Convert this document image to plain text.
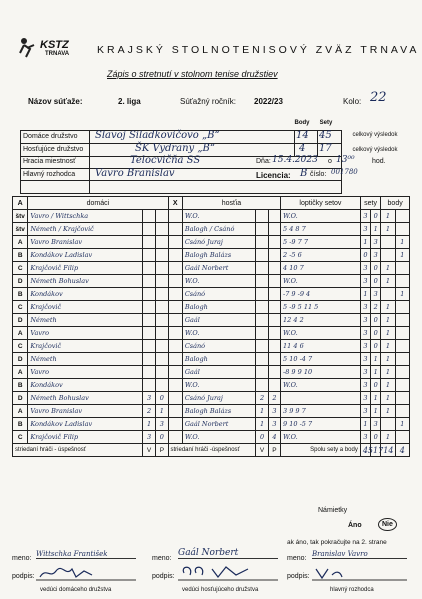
KSTZ
TRNAVA	KRAJSKÝ STOLNOTENISOVÝ ZVÄZ TRNAVA
Zápis o stretnutí v stolnom tenise družstiev
Názov súťaže:	2. liga	Súťažný ročník: 2022/23	Kolo: 22
Body	Sety
Domáce družstvo Slavoj Siladkovičovo „B“	14 45
Hosťujúce družstvo	ŠK Vydrany „B“	4 17
celkový výsledok
celkový výsledok
Hracia miestnosť	Telocvičňa SS	Dňa: 15.4.2023 o 13⁰⁰ hod.
Hlavný rozhodca Vavro Branislav	Licencia: B číslo: 001780
A	domáci			X	hosťia			loptičky setov	sety		body	
štv	Vavro / Wittschka				W.O.			W.O.	3	0	1	
štv	Németh / Krajčovič				Balogh / Csánó			5 4 8 7	3	1	1	
A	Vavro Branislav				Csánó Juraj			5 -9 7 7	1	3		1
B	Kondákov Ladislav				Balogh Balázs			2 -5 6	0	3		1
C	Krajčovič Filip				Gaál Norbert			4 10 7	3	0	1	
D	Németh Bohuslav				W.O.			W.O.	3	0	1	
B	Kondákov				Csánó			-7 9 -9 4	1	3		1
C	Krajčovič				Balogh			5 -9 5 11 5	3	2	1	
D	Németh				Gaál			12 4 2	3	0	1	
A	Vavro				W.O.			W.O.	3	0	1	
C	Krajčovič				Csánó			11 4 6	3	0	1	
D	Németh				Balogh			5 10 -4 7	3	1	1	
A	Vavro				Gaál			-8 9 9 10	3	1	1	
B	Kondákov				W.O.			W.O.	3	0	1	
D	Németh Bohuslav	3	0		Csánó Juraj	2	2		3	1	1	
A	Vavro Branislav	2	1		Balogh Balázs	1	3	3 9 9 7	3	1	1	
B	Kondákov Ladislav	1	3		Gaál Norbert	1	3	9 10 -5 7	1	3		1
C	Krajčovič Filip	3	0		W.O.	0	4	W.O.	3	0	1	
striedaní hráči - úspešnosť		V	P	striedaní hráči -úspešnosť		V	P	Spolu sety a body	45	17	14	4
Námietky
Áno	Nie
ak áno, tak pokračujte na 2. strane
meno:
Wittschka František
podpis:
vedúci domáceho družstva
meno:
Gaál Norbert
podpis:
vedúci hosťujúceho družstva
meno:
Branislav Vavro
podpis:
hlavný rozhodca
